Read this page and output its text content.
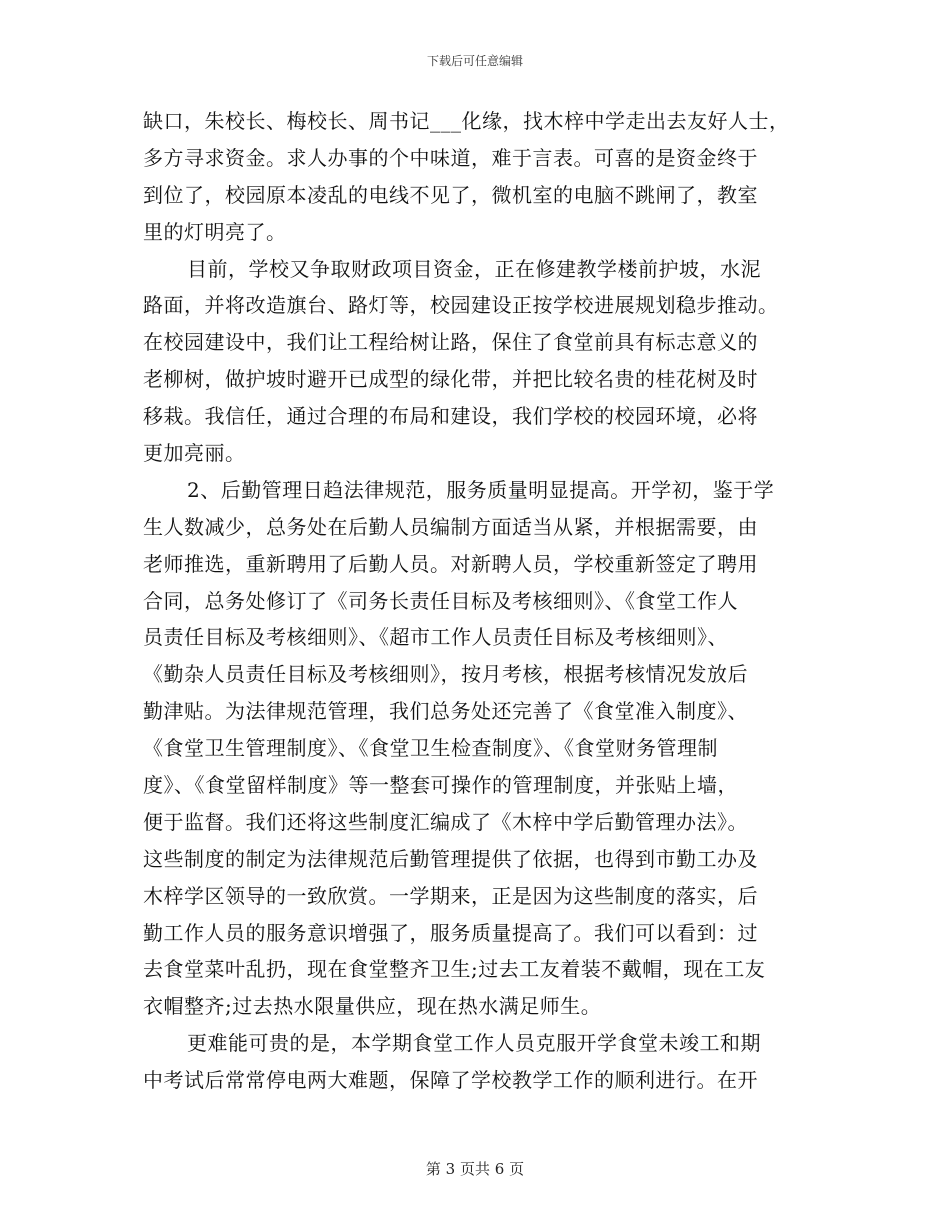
下载后可任意编辑
缺口，朱校长、梅校长、周书记___化缘，找木梓中学走出去友好人士，
多方寻求资金。求人办事的个中味道，难于言表。可喜的是资金终于
到位了，校园原本凌乱的电线不见了，微机室的电脑不跳闸了，教室
里的灯明亮了。
目前，学校又争取财政项目资金，正在修建教学楼前护坡，水泥
路面，并将改造旗台、路灯等，校园建设正按学校进展规划稳步推动。
在校园建设中，我们让工程给树让路，保住了食堂前具有标志意义的
老柳树，做护坡时避开已成型的绿化带，并把比较名贵的桂花树及时
移栽。我信任，通过合理的布局和建设，我们学校的校园环境，必将
更加亮丽。
2、后勤管理日趋法律规范，服务质量明显提高。开学初，鉴于学
生人数减少，总务处在后勤人员编制方面适当从紧，并根据需要，由
老师推选，重新聘用了后勤人员。对新聘人员，学校重新签定了聘用
合同，总务处修订了《司务长责任目标及考核细则》、《食堂工作人
员责任目标及考核细则》、《超市工作人员责任目标及考核细则》、
《勤杂人员责任目标及考核细则》，按月考核，根据考核情况发放后
勤津贴。为法律规范管理，我们总务处还完善了《食堂准入制度》、
《食堂卫生管理制度》、《食堂卫生检查制度》、《食堂财务管理制
度》、《食堂留样制度》等一整套可操作的管理制度，并张贴上墙，
便于监督。我们还将这些制度汇编成了《木梓中学后勤管理办法》。
这些制度的制定为法律规范后勤管理提供了依据，也得到市勤工办及
木梓学区领导的一致欣赏。一学期来，正是因为这些制度的落实，后
勤工作人员的服务意识增强了，服务质量提高了。我们可以看到：过
去食堂菜叶乱扔，现在食堂整齐卫生;过去工友着装不戴帽，现在工友
衣帽整齐;过去热水限量供应，现在热水满足师生。
更难能可贵的是，本学期食堂工作人员克服开学食堂未竣工和期
中考试后常常停电两大难题，保障了学校教学工作的顺利进行。在开
第 3 页共 6 页
